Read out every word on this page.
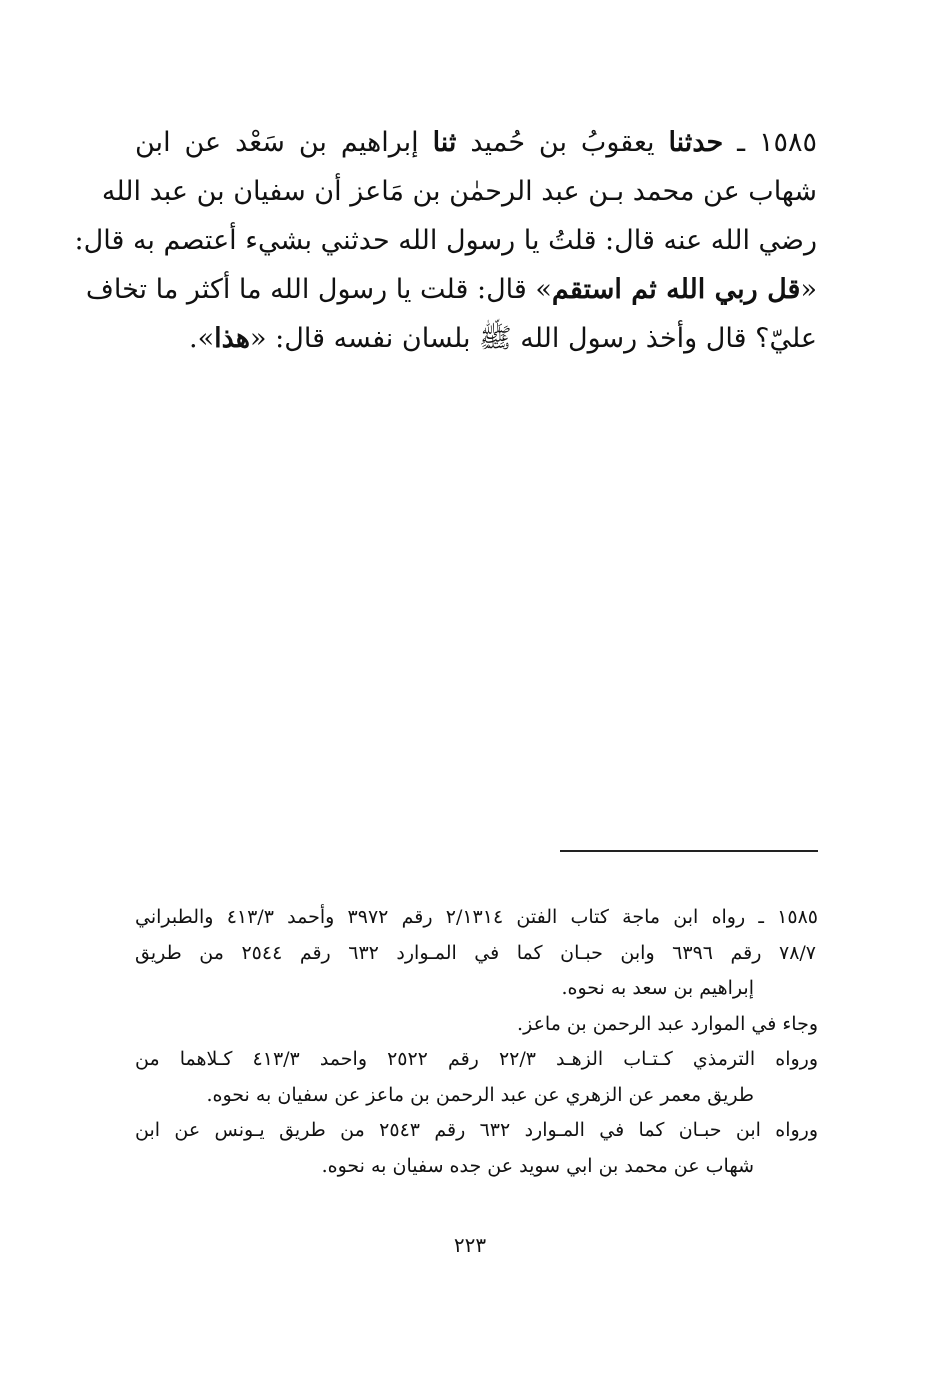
١٥٨٥ ـ حدثنا يعقوبُ بن حُميد ثنا إبراهيم بن سَعْد عن ابن
شهاب عن محمد بـن عبد الرحمٰن بن مَاعز أن سفيان بن عبد الله
رضي الله عنه قال: قلتُ يا رسول الله حدثني بشيء أعتصم به قال:
«قل ربي الله ثم استقم» قال: قلت يا رسول الله ما أكثر ما تخاف
عليّ؟ قال وأخذ رسول الله ﷺ بلسان نفسه قال: «هذا».
١٥٨٥ ـ رواه ابن ماجة كتاب الفتن ٢/١٣١٤ رقم ٣٩٧٢ وأحمد ٤١٣/٣ والطبراني
٧٨/٧ رقم ٦٣٩٦ وابن حبـان كما في المـوارد ٦٣٢ رقم ٢٥٤٤ من طريق
إبراهيم بن سعد به نحوه.
وجاء في الموارد عبد الرحمن بن ماعز.
ورواه الترمذي كـتـاب الزهـد ٢٢/٣ رقم ٢٥٢٢ واحمد ٤١٣/٣ كـلاهما من
طريق معمر عن الزهري عن عبد الرحمن بن ماعز عن سفيان به نحوه.
ورواه ابن حبـان كما في المـوارد ٦٣٢ رقم ٢٥٤٣ من طريق يـونس عن ابن
شهاب عن محمد بن ابي سويد عن جده سفيان به نحوه.
٢٢٣
